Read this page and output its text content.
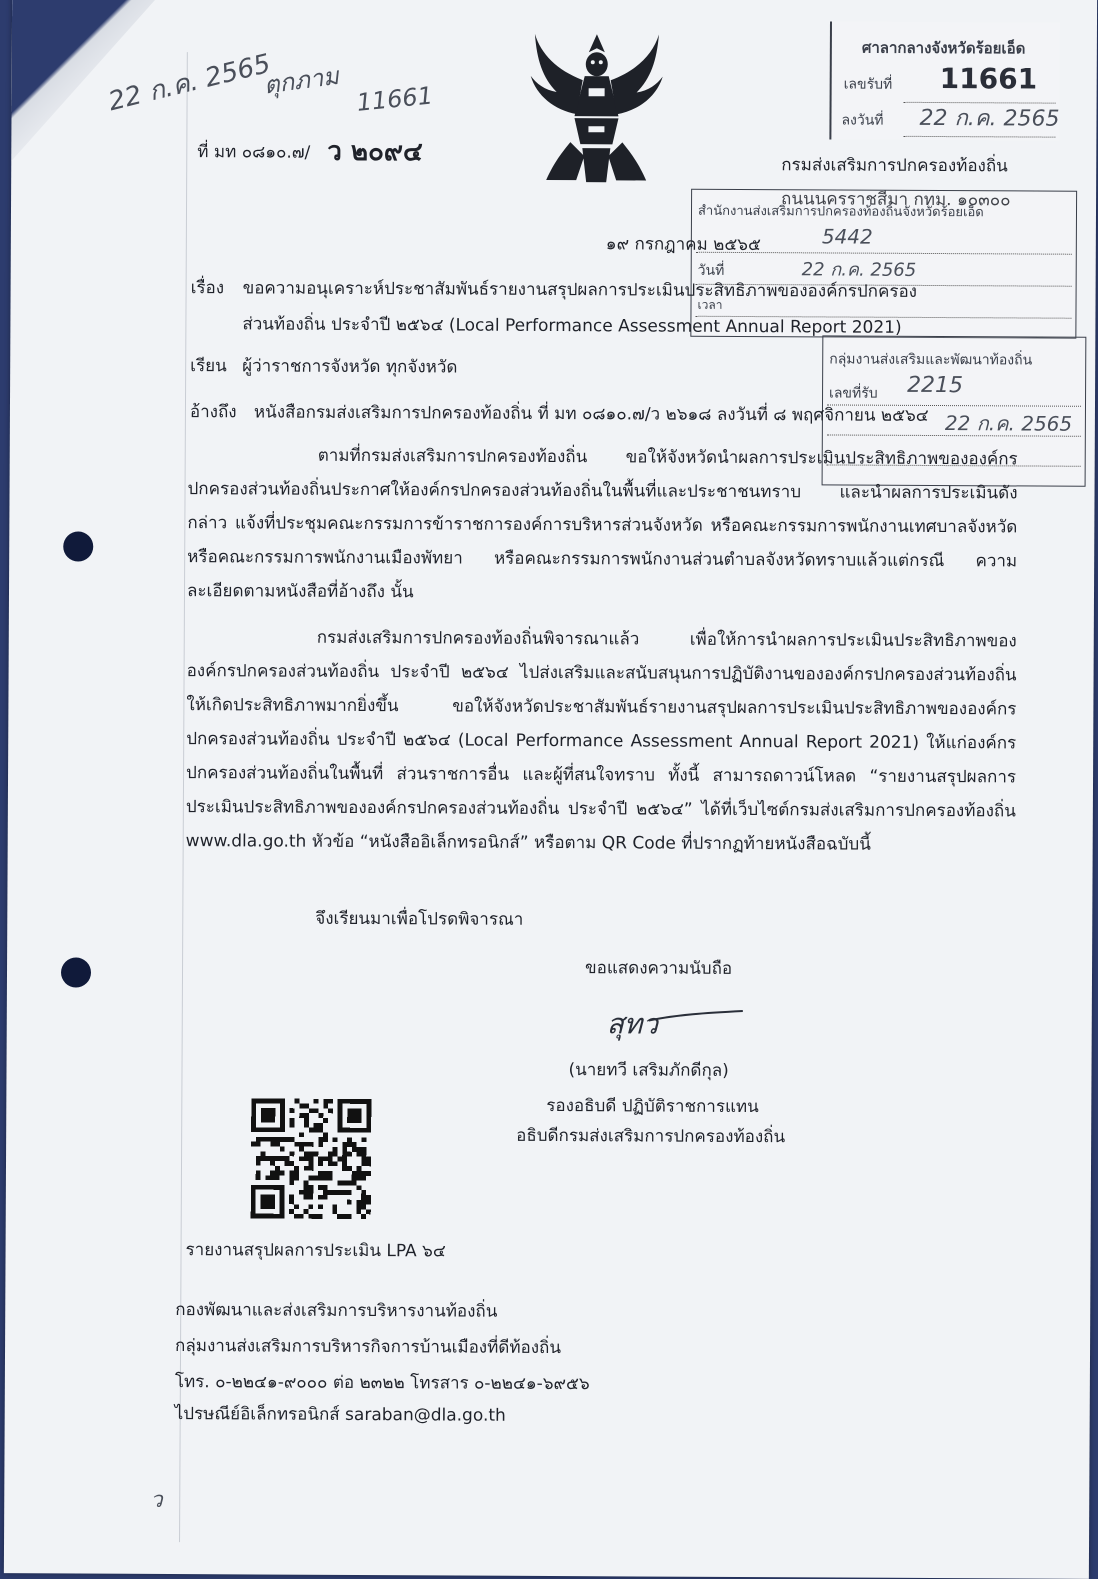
22 ก.ค. 2565
ตุกภาม 11661
ที่ มท ๐๘๑๐.๗/ ว ๒๐๙๔
ศาลากลางจังหวัดร้อยเอ็ด
เลขรับที่ 11661
ลงวันที่ 22 ก.ค. 2565
กรมส่งเสริมการปกครองท้องถิ่น
ถนนนครราชสีมา กทม. ๑๐๓๐๐
สำนักงานส่งเสริมการปกครองท้องถิ่นจังหวัดร้อยเอ็ด
5442
วันที่	22 ก.ค. 2565
เวลา
๑๙ กรกฎาคม ๒๕๖๕
เรื่อง ขอความอนุเคราะห์ประชาสัมพันธ์รายงานสรุปผลการประเมินประสิทธิภาพขององค์กรปกครอง
ส่วนท้องถิ่น ประจำปี ๒๕๖๔ (Local Performance Assessment Annual Report 2021)
กลุ่มงานส่งเสริมและพัฒนาท้องถิ่น
เลขที่รับ 2215
22 ก.ค. 2565
เรียน ผู้ว่าราชการจังหวัด ทุกจังหวัด
อ้างถึง หนังสือกรมส่งเสริมการปกครองท้องถิ่น ที่ มท ๐๘๑๐.๗/ว ๒๖๑๘ ลงวันที่ ๘ พฤศจิกายน ๒๕๖๔
ตามที่กรมส่งเสริมการปกครองท้องถิ่น ขอให้จังหวัดนำผลการประเมินประสิทธิภาพขององค์กรปกครองส่วนท้องถิ่นประกาศให้องค์กรปกครองส่วนท้องถิ่นในพื้นที่และประชาชนทราบ และนำผลการประเมินดังกล่าว แจ้งที่ประชุมคณะกรรมการข้าราชการองค์การบริหารส่วนจังหวัด หรือคณะกรรมการพนักงานเทศบาลจังหวัด หรือคณะกรรมการพนักงานเมืองพัทยา หรือคณะกรรมการพนักงานส่วนตำบลจังหวัดทราบแล้วแต่กรณี ความละเอียดตามหนังสือที่อ้างถึง นั้น
กรมส่งเสริมการปกครองท้องถิ่นพิจารณาแล้ว เพื่อให้การนำผลการประเมินประสิทธิภาพขององค์กรปกครองส่วนท้องถิ่น ประจำปี ๒๕๖๔ ไปส่งเสริมและสนับสนุนการปฏิบัติงานขององค์กรปกครองส่วนท้องถิ่นให้เกิดประสิทธิภาพมากยิ่งขึ้น ขอให้จังหวัดประชาสัมพันธ์รายงานสรุปผลการประเมินประสิทธิภาพขององค์กรปกครองส่วนท้องถิ่น ประจำปี ๒๕๖๔ (Local Performance Assessment Annual Report 2021) ให้แก่องค์กรปกครองส่วนท้องถิ่นในพื้นที่ ส่วนราชการอื่น และผู้ที่สนใจทราบ ทั้งนี้ สามารถดาวน์โหลด “รายงานสรุปผลการประเมินประสิทธิภาพขององค์กรปกครองส่วนท้องถิ่น ประจำปี ๒๕๖๔” ได้ที่เว็บไซต์กรมส่งเสริมการปกครองท้องถิ่น www.dla.go.th หัวข้อ “หนังสืออิเล็กทรอนิกส์” หรือตาม QR Code ที่ปรากฏท้ายหนังสือฉบับนี้
จึงเรียนมาเพื่อโปรดพิจารณา
ขอแสดงความนับถือ
สุทว
(นายทวี เสริมภักดีกุล)
รองอธิบดี ปฏิบัติราชการแทน
อธิบดีกรมส่งเสริมการปกครองท้องถิ่น
รายงานสรุปผลการประเมิน LPA ๖๔
กองพัฒนาและส่งเสริมการบริหารงานท้องถิ่น
กลุ่มงานส่งเสริมการบริหารกิจการบ้านเมืองที่ดีท้องถิ่น
โทร. ๐-๒๒๔๑-๙๐๐๐ ต่อ ๒๓๒๒ โทรสาร ๐-๒๒๔๑-๖๙๕๖
ไปรษณีย์อิเล็กทรอนิกส์ saraban@dla.go.th
ว
